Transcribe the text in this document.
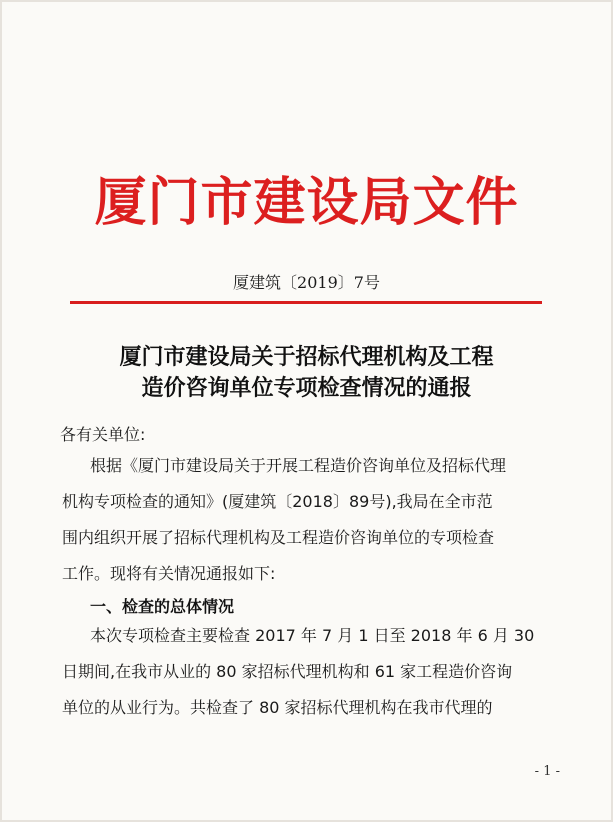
厦门市建设局文件
厦建筑〔2019〕7号
厦门市建设局关于招标代理机构及工程
造价咨询单位专项检查情况的通报
各有关单位:
根据《厦门市建设局关于开展工程造价咨询单位及招标代理
机构专项检查的通知》(厦建筑〔2018〕89号),我局在全市范
围内组织开展了招标代理机构及工程造价咨询单位的专项检查
工作。现将有关情况通报如下:
一、检查的总体情况
本次专项检查主要检查 2017 年 7 月 1 日至 2018 年 6 月 30
日期间,在我市从业的 80 家招标代理机构和 61 家工程造价咨询
单位的从业行为。共检查了 80 家招标代理机构在我市代理的
- 1 -
